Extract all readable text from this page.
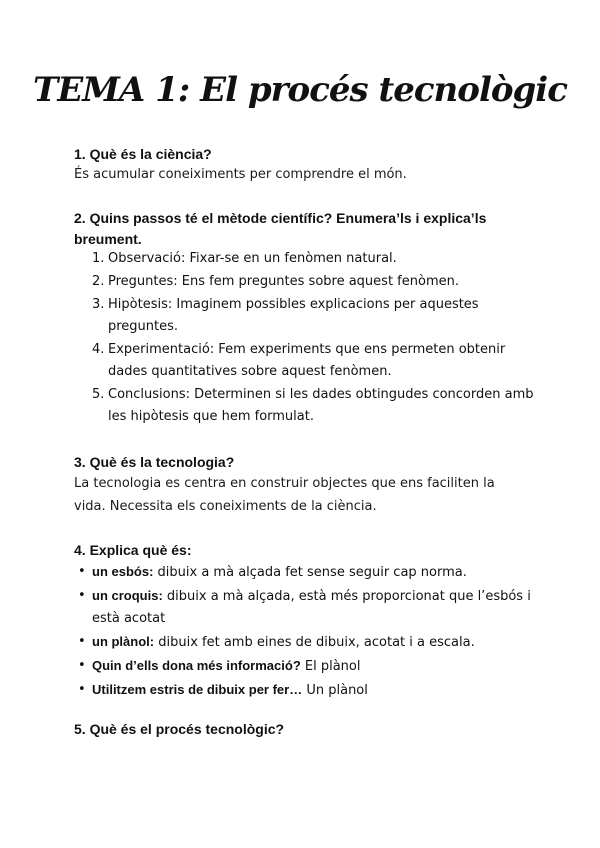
TEMA 1: El procés tecnològic
1. Què és la ciència?
És acumular coneiximents per comprendre el món.
2. Quins passos té el mètode científic? Enumera’ls i explica’ls breument.
1. Observació: Fixar-se en un fenòmen natural.
2. Preguntes: Ens fem preguntes sobre aquest fenòmen.
3. Hipòtesis: Imaginem possibles explicacions per aquestes preguntes.
4. Experimentació: Fem experiments que ens permeten obtenir dades quantitatives sobre aquest fenòmen.
5. Conclusions: Determinen si les dades obtingudes concorden amb les hipòtesis que hem formulat.
3. Què és la tecnologia?
La tecnologia es centra en construir objectes que ens faciliten la vida. Necessita els coneiximents de la ciència.
4. Explica què és:
• un esbós: dibuix a mà alçada fet sense seguir cap norma.
• un croquis: dibuix a mà alçada, està més proporcionat que l’esbós i està acotat
• un plànol: dibuix fet amb eines de dibuix, acotat i a escala.
• Quin d’ells dona més informació? El plànol
• Utilitzem estris de dibuix per fer… Un plànol
5. Què és el procés tecnològic?
